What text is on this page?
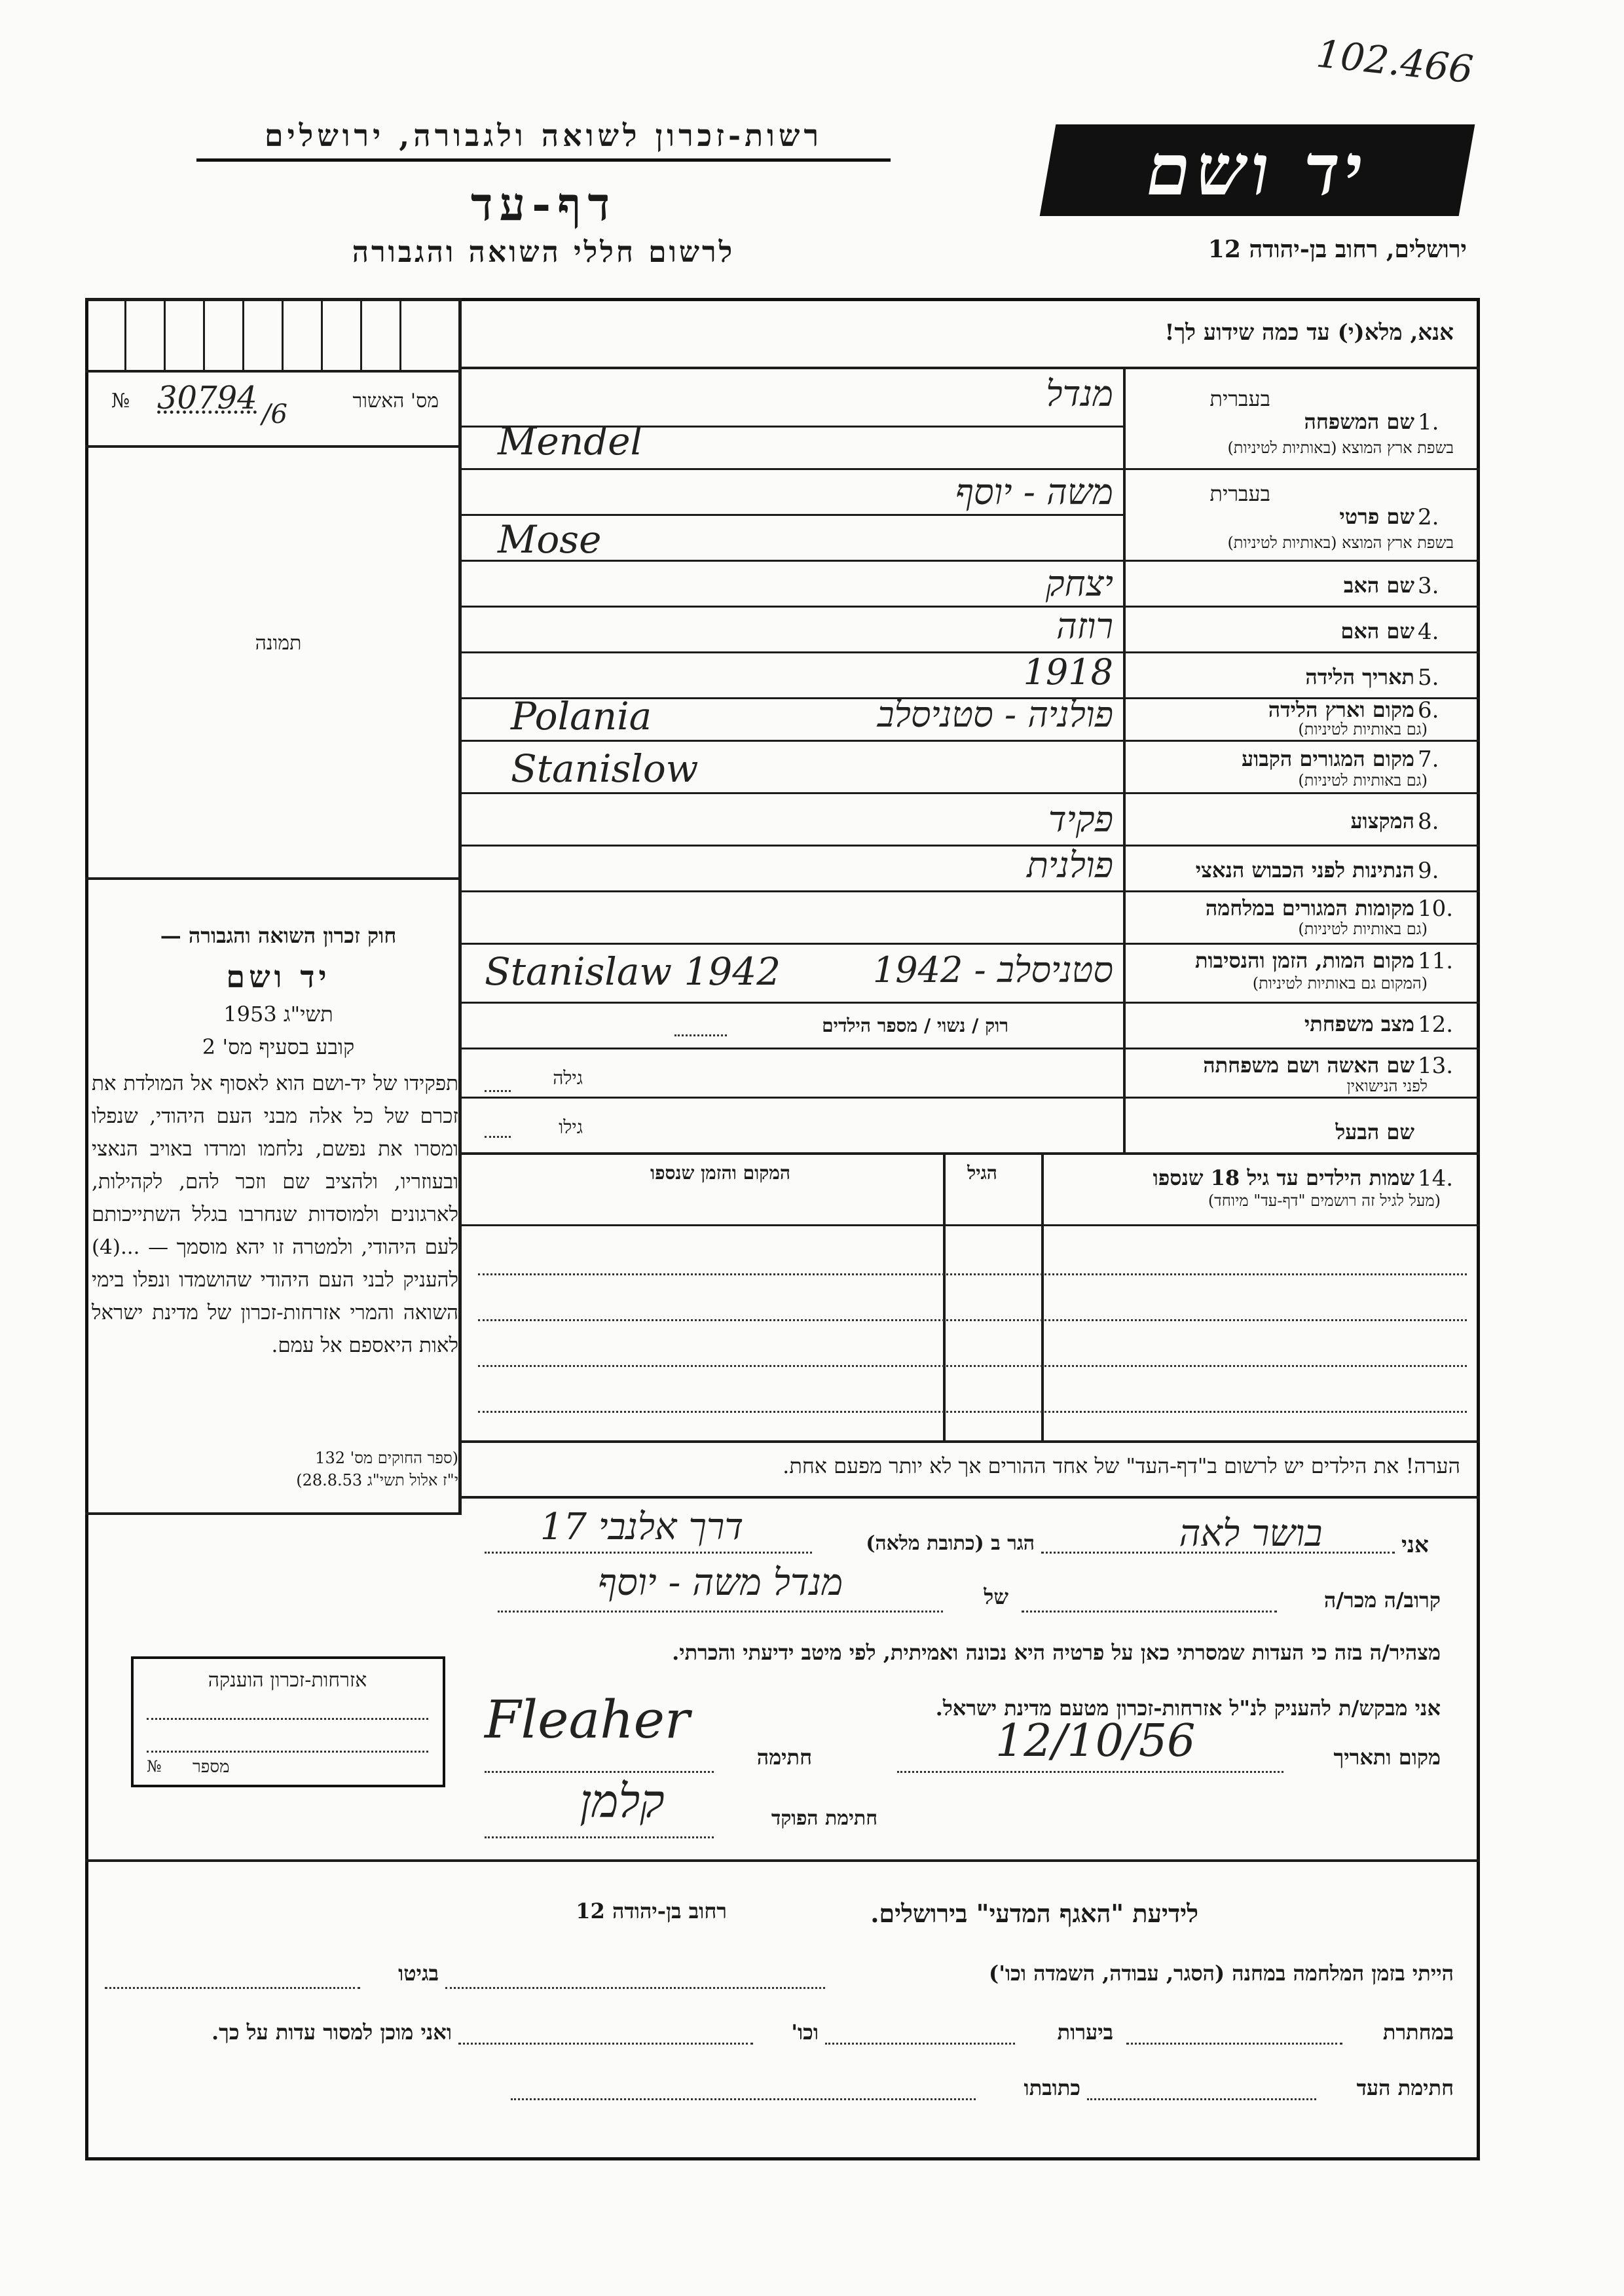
102.466
רשות-זכרון לשואה ולגבורה, ירושלים
דף-עד
לרשום חללי השואה והגבורה
יד ושם
ירושלים, רחוב בן-יהודה 12
אנא, מלא(י) עד כמה שידוע לך!
№ 30794 /6	מס' האשור
תמונה
בעברית
שם המשפחה 1.
בשפת ארץ המוצא (באותיות לטיניות)
מנדל
Mendel
בעברית
שם פרטי 2.
בשפת ארץ המוצא (באותיות לטיניות)
משה - יוסף
Mose
שם האב 3.
יצחק
שם האם 4.
רוזה
תאריך הלידה 5.
1918
מקום וארץ הלידה 6.
(גם באותיות לטיניות)
פולניה - סטניסלב
Polania
מקום המגורים הקבוע 7.
(גם באותיות לטיניות)
Stanislow
המקצוע 8.
פקיד
הנתינות לפני הכבוש הנאצי 9.
פולנית
מקומות המגורים במלחמה 10.
(גם באותיות לטיניות)
מקום המות, הזמן והנסיבות 11.
(המקום גם באותיות לטיניות)
סטניסלב - 1942
Stanislaw 1942
מצב משפחתי 12.
רוק / נשוי / מספר הילדים
שם האשה ושם משפחתה 13.
לפני הנישואין
גילה
שם הבעל
גילו
שמות הילדים עד גיל 18 שנספו 14.
(מעל לגיל זה רושמים "דף-עד" מיוחד)
הגיל
המקום והזמן שנספו
הערה! את הילדים יש לרשום ב"דף-העד" של אחד ההורים אך לא יותר מפעם אחת.
חוק זכרון השואה והגבורה —
יד ושם
תשי"ג 1953
קובע בסעיף מס' 2
תפקידו של יד-ושם הוא לאסוף אל המולדת את זכרם של כל אלה מבני העם היהודי, שנפלו ומסרו את נפשם, נלחמו ומרדו באויב הנאצי ובעוזריו, ולהציב שם וזכר להם, לקהילות, לארגונים ולמוסדות שנחרבו בגלל השתייכותם לעם היהודי, ולמטרה זו יהא מוסמך — ...(4) להעניק לבני העם היהודי שהושמדו ונפלו בימי השואה והמרי אזרחות-זכרון של מדינת ישראל לאות היאספם אל עמם.
(ספר החוקים מס' 132
י"ז אלול תשי"ג 28.8.53)
אני
בושר לאה
הגר ב (כתובת מלאה)
דרך אלנבי 17
קרוב/ה מכר/ה
של
מנדל משה - יוסף
מצהיר/ה בזה כי העדות שמסרתי כאן על פרטיה היא נכונה ואמיתית, לפי מיטב ידיעתי והכרתי.
אני מבקש/ת להעניק לנ"ל אזרחות-זכרון מטעם מדינת ישראל.
מקום ותאריך
12/10/56
חתימה
Fleaher
חתימת הפוקד
קלמן
אזרחות-זכרון הוענקה
№ מספר
לידיעת "האגף המדעי" בירושלים.
רחוב בן-יהודה 12
הייתי בזמן המלחמה במחנה (הסגר, עבודה, השמדה וכו')
בגיטו
במחתרת
ביערות
וכו'
ואני מוכן למסור עדות על כך.
חתימת העד
כתובתו
